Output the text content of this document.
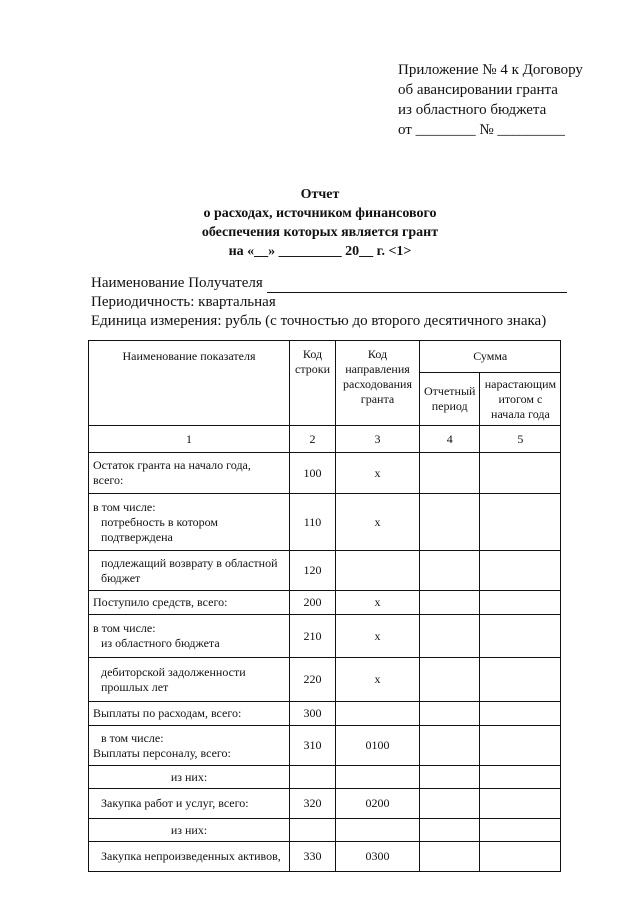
Приложение № 4 к Договору
об авансировании гранта
из областного бюджета
от ________ № _________
Отчет
о расходах, источником финансового
обеспечения которых является грант
на «__» _________ 20__ г. <1>
Наименование Получателя
Периодичность: квартальная
Единица измерения: рубль (с точностью до второго десятичного знака)
Наименование показателя	Код строки	Код направления расходования гранта	Сумма	
			Отчетный период	нарастающим итогом с начала года
1	2	3	4	5

Остаток гранта на начало года,
всего:	100	x		

в том числе:
потребность в котором
подтверждена	110	x		

подлежащий возврату в областной
бюджет	120			

Поступило средств, всего:	200	x		

в том числе:
из областного бюджета	210	x		

дебиторской задолженности
прошлых лет	220	x		

Выплаты по расходам, всего:	300			

в том числе:
Выплаты персоналу, всего:	310	0100		

из них:				

Закупка работ и услуг, всего:	320	0200		

из них:				

Закупка непроизведенных активов,	330	0300		
